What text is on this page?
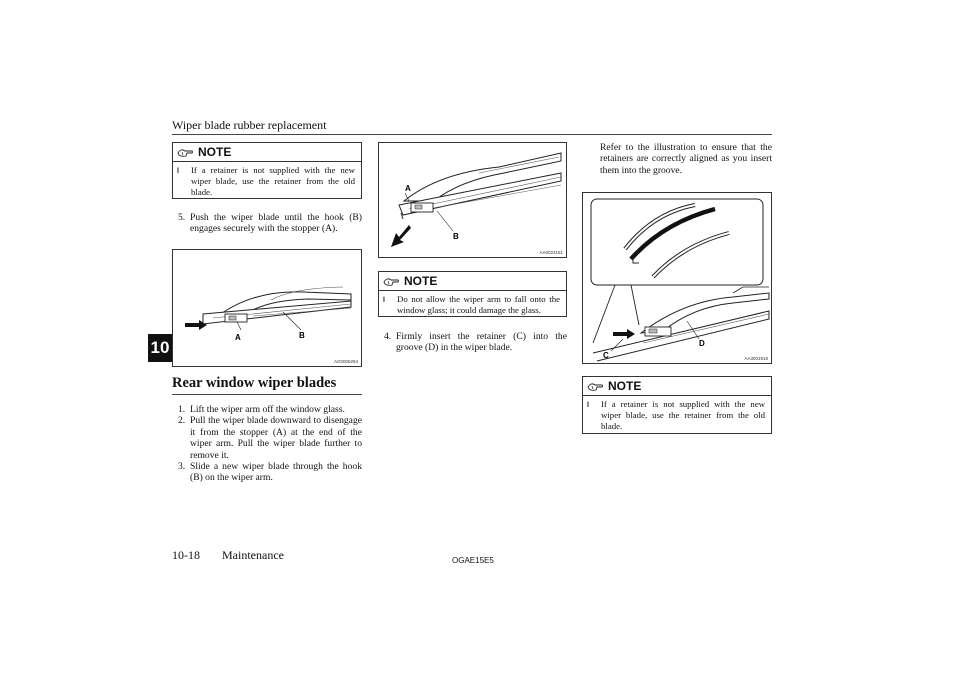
Wiper blade rubber replacement
10
NOTE
l	If a retainer is not supplied with the new wiper blade, use the retainer from the old blade.
5. Push the wiper blade until the hook (B) engages securely with the stopper (A).
A	B
AG0006284
Rear window wiper blades
1. Lift the wiper arm off the window glass.
2. Pull the wiper blade downward to disengage it from the stopper (A) at the end of the wiper arm. Pull the wiper blade further to remove it.
3. Slide a new wiper blade through the hook (B) on the wiper arm.
A
B
AA0023151
NOTE
l	Do not allow the wiper arm to fall onto the window glass; it could damage the glass.
4. Firmly insert the retainer (C) into the groove (D) in the wiper blade.
Refer to the illustration to ensure that the retainers are correctly aligned as you insert them into the groove.
C
D
AA3001918
NOTE
l	If a retainer is not supplied with the new wiper blade, use the retainer from the old blade.
10-18 Maintenance	OGAE15E5
